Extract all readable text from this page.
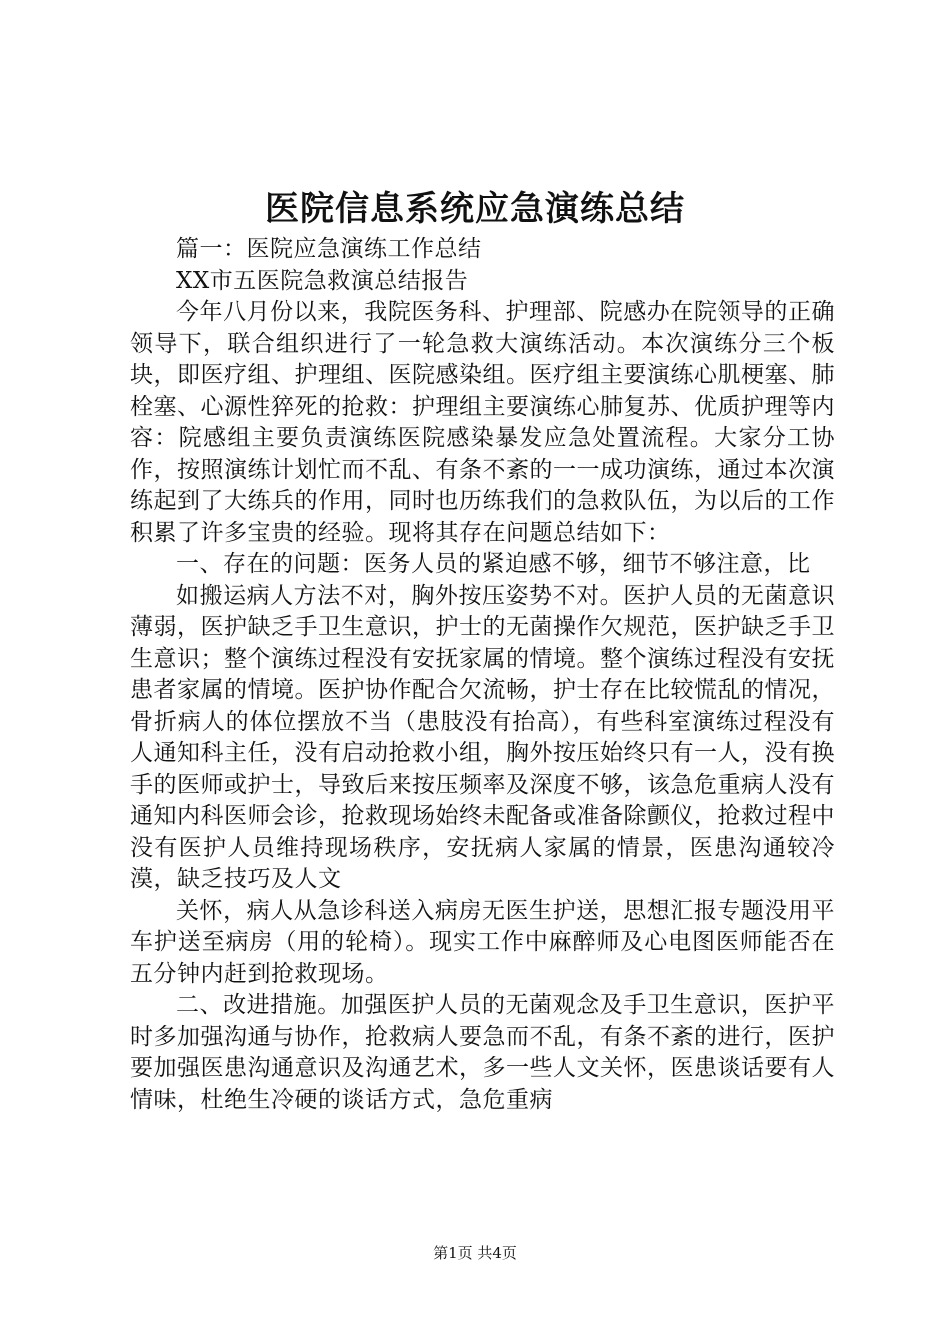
医院信息系统应急演练总结

篇一：医院应急演练工作总结

XX市五医院急救演总结报告

今年八月份以来，我院医务科、护理部、院感办在院领导的正确领导下，联合组织进行了一轮急救大演练活动。本次演练分三个板块，即医疗组、护理组、医院感染组。医疗组主要演练心肌梗塞、肺栓塞、心源性猝死的抢救：护理组主要演练心肺复苏、优质护理等内容：院感组主要负责演练医院感染暴发应急处置流程。大家分工协作，按照演练计划忙而不乱、有条不紊的一一成功演练，通过本次演练起到了大练兵的作用，同时也历练我们的急救队伍，为以后的工作积累了许多宝贵的经验。现将其存在问题总结如下：

一、存在的问题：医务人员的紧迫感不够，细节不够注意，比

如搬运病人方法不对，胸外按压姿势不对。医护人员的无菌意识薄弱，医护缺乏手卫生意识，护士的无菌操作欠规范，医护缺乏手卫生意识；整个演练过程没有安抚家属的情境。整个演练过程没有安抚患者家属的情境。医护协作配合欠流畅，护士存在比较慌乱的情况，骨折病人的体位摆放不当（患肢没有抬高），有些科室演练过程没有人通知科主任，没有启动抢救小组，胸外按压始终只有一人，没有换手的医师或护士，导致后来按压频率及深度不够，该急危重病人没有通知内科医师会诊，抢救现场始终未配备或准备除颤仪，抢救过程中没有医护人员维持现场秩序，安抚病人家属的情景，医患沟通较冷漠，缺乏技巧及人文

关怀，病人从急诊科送入病房无医生护送，思想汇报专题没用平车护送至病房（用的轮椅）。现实工作中麻醉师及心电图医师能否在五分钟内赶到抢救现场。

二、改进措施。加强医护人员的无菌观念及手卫生意识，医护平时多加强沟通与协作，抢救病人要急而不乱，有条不紊的进行，医护要加强医患沟通意识及沟通艺术，多一些人文关怀，医患谈话要有人情味，杜绝生冷硬的谈话方式，急危重病

第1页 共4页
